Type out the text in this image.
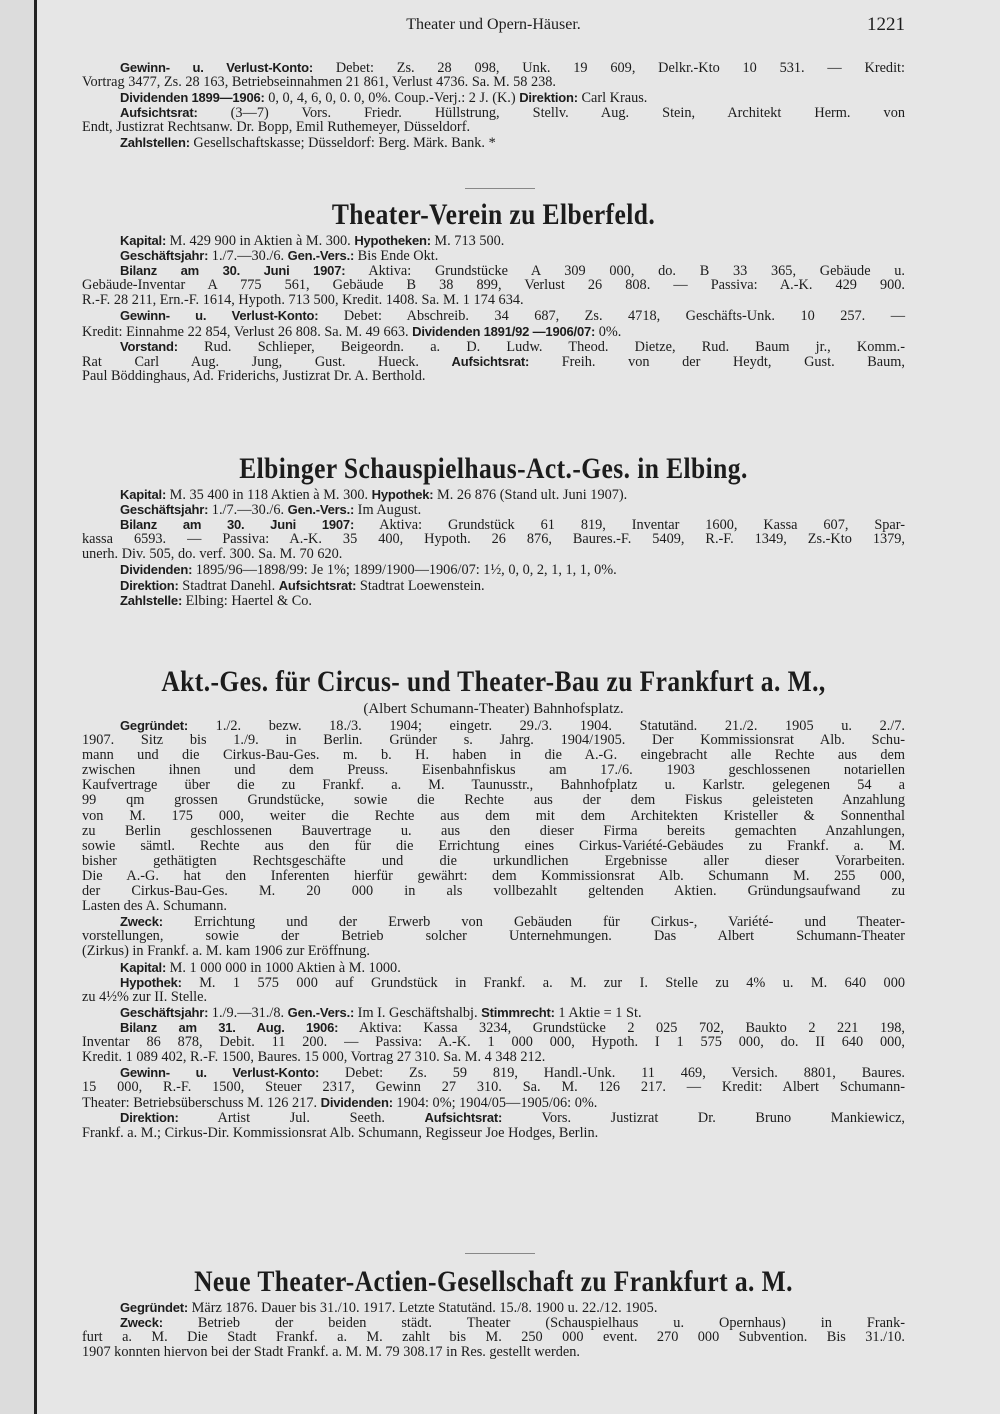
Theater und Opern-Häuser.	1221
Gewinn- u. Verlust-Konto: Debet: Zs. 28 098, Unk. 19 609, Delkr.-Kto 10 531. — Kredit:
Vortrag 3477, Zs. 28 163, Betriebseinnahmen 21 861, Verlust 4736. Sa. M. 58 238.
Dividenden 1899—1906: 0, 0, 4, 6, 0, 0. 0, 0%. Coup.-Verj.: 2 J. (K.) Direktion: Carl Kraus.
Aufsichtsrat: (3—7) Vors. Friedr. Hüllstrung, Stellv. Aug. Stein, Architekt Herm. von
Endt, Justizrat Rechtsanw. Dr. Bopp, Emil Ruthemeyer, Düsseldorf.
Zahlstellen: Gesellschaftskasse; Düsseldorf: Berg. Märk. Bank. *
Theater-Verein zu Elberfeld.
Kapital: M. 429 900 in Aktien à M. 300. Hypotheken: M. 713 500.
Geschäftsjahr: 1./7.—30./6. Gen.-Vers.: Bis Ende Okt.
Bilanz am 30. Juni 1907: Aktiva: Grundstücke A 309 000, do. B 33 365, Gebäude u.
Gebäude-Inventar A 775 561, Gebäude B 38 899, Verlust 26 808. — Passiva: A.-K. 429 900.
R.-F. 28 211, Ern.-F. 1614, Hypoth. 713 500, Kredit. 1408. Sa. M. 1 174 634.
Gewinn- u. Verlust-Konto: Debet: Abschreib. 34 687, Zs. 4718, Geschäfts-Unk. 10 257. —
Kredit: Einnahme 22 854, Verlust 26 808. Sa. M. 49 663. Dividenden 1891/92 —1906/07: 0%.
Vorstand: Rud. Schlieper, Beigeordn. a. D. Ludw. Theod. Dietze, Rud. Baum jr., Komm.-
Rat Carl Aug. Jung, Gust. Hueck. Aufsichtsrat: Freih. von der Heydt, Gust. Baum,
Paul Böddinghaus, Ad. Friderichs, Justizrat Dr. A. Berthold.
Elbinger Schauspielhaus-Act.-Ges. in Elbing.
Kapital: M. 35 400 in 118 Aktien à M. 300. Hypothek: M. 26 876 (Stand ult. Juni 1907).
Geschäftsjahr: 1./7.—30./6. Gen.-Vers.: Im August.
Bilanz am 30. Juni 1907: Aktiva: Grundstück 61 819, Inventar 1600, Kassa 607, Spar-
kassa 6593. — Passiva: A.-K. 35 400, Hypoth. 26 876, Baures.-F. 5409, R.-F. 1349, Zs.-Kto 1379,
unerh. Div. 505, do. verf. 300. Sa. M. 70 620.
Dividenden: 1895/96—1898/99: Je 1%; 1899/1900—1906/07: 1½, 0, 0, 2, 1, 1, 1, 0%.
Direktion: Stadtrat Danehl. Aufsichtsrat: Stadtrat Loewenstein.
Zahlstelle: Elbing: Haertel & Co.
Akt.-Ges. für Circus- und Theater-Bau zu Frankfurt a. M.,
(Albert Schumann-Theater) Bahnhofsplatz.
Gegründet: 1./2. bezw. 18./3. 1904; eingetr. 29./3. 1904. Statutänd. 21./2. 1905 u. 2./7.
1907. Sitz bis 1./9. in Berlin. Gründer s. Jahrg. 1904/1905. Der Kommissionsrat Alb. Schu-
mann und die Cirkus-Bau-Ges. m. b. H. haben in die A.-G. eingebracht alle Rechte aus dem
zwischen ihnen und dem Preuss. Eisenbahnfiskus am 17./6. 1903 geschlossenen notariellen
Kaufvertrage über die zu Frankf. a. M. Taunusstr., Bahnhofplatz u. Karlstr. gelegenen 54 a
99 qm grossen Grundstücke, sowie die Rechte aus der dem Fiskus geleisteten Anzahlung
von M. 175 000, weiter die Rechte aus dem mit dem Architekten Kristeller & Sonnenthal
zu Berlin geschlossenen Bauvertrage u. aus den dieser Firma bereits gemachten Anzahlungen,
sowie sämtl. Rechte aus den für die Errichtung eines Cirkus-Variété-Gebäudes zu Frankf. a. M.
bisher gethätigten Rechtsgeschäfte und die urkundlichen Ergebnisse aller dieser Vorarbeiten.
Die A.-G. hat den Inferenten hierfür gewährt: dem Kommissionsrat Alb. Schumann M. 255 000,
der Cirkus-Bau-Ges. M. 20 000 in als vollbezahlt geltenden Aktien. Gründungsaufwand zu
Lasten des A. Schumann.
Zweck: Errichtung und der Erwerb von Gebäuden für Cirkus-, Variété- und Theater-
vorstellungen, sowie der Betrieb solcher Unternehmungen. Das Albert Schumann-Theater
(Zirkus) in Frankf. a. M. kam 1906 zur Eröffnung.
Kapital: M. 1 000 000 in 1000 Aktien à M. 1000.
Hypothek: M. 1 575 000 auf Grundstück in Frankf. a. M. zur I. Stelle zu 4% u. M. 640 000
zu 4½% zur II. Stelle.
Geschäftsjahr: 1./9.—31./8. Gen.-Vers.: Im I. Geschäftshalbj. Stimmrecht: 1 Aktie = 1 St.
Bilanz am 31. Aug. 1906: Aktiva: Kassa 3234, Grundstücke 2 025 702, Baukto 2 221 198,
Inventar 86 878, Debit. 11 200. — Passiva: A.-K. 1 000 000, Hypoth. I 1 575 000, do. II 640 000,
Kredit. 1 089 402, R.-F. 1500, Baures. 15 000, Vortrag 27 310. Sa. M. 4 348 212.
Gewinn- u. Verlust-Konto: Debet: Zs. 59 819, Handl.-Unk. 11 469, Versich. 8801, Baures.
15 000, R.-F. 1500, Steuer 2317, Gewinn 27 310. Sa. M. 126 217. — Kredit: Albert Schumann-
Theater: Betriebsüberschuss M. 126 217. Dividenden: 1904: 0%; 1904/05—1905/06: 0%.
Direktion: Artist Jul. Seeth. Aufsichtsrat: Vors. Justizrat Dr. Bruno Mankiewicz,
Frankf. a. M.; Cirkus-Dir. Kommissionsrat Alb. Schumann, Regisseur Joe Hodges, Berlin.
Neue Theater-Actien-Gesellschaft zu Frankfurt a. M.
Gegründet: März 1876. Dauer bis 31./10. 1917. Letzte Statutänd. 15./8. 1900 u. 22./12. 1905.
Zweck: Betrieb der beiden städt. Theater (Schauspielhaus u. Opernhaus) in Frank-
furt a. M. Die Stadt Frankf. a. M. zahlt bis M. 250 000 event. 270 000 Subvention. Bis 31./10.
1907 konnten hiervon bei der Stadt Frankf. a. M. M. 79 308.17 in Res. gestellt werden.
